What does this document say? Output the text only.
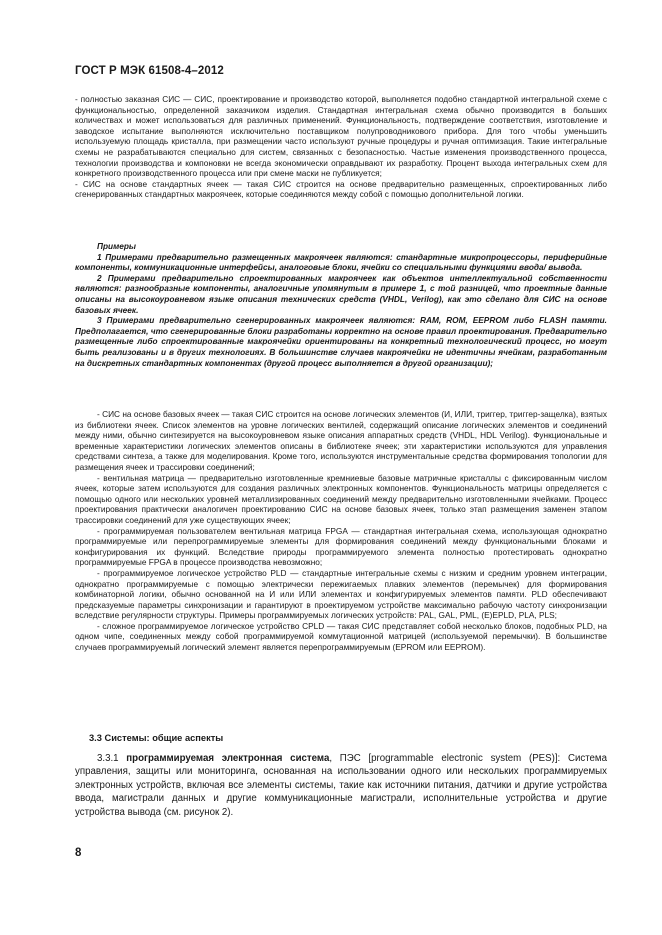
ГОСТ Р МЭК 61508-4–2012

- полностью заказная СИС — СИС, проектирование и производство которой, выполняется подобно стандартной интегральной схеме с функциональностью, определенной заказчиком изделия. Стандартная интегральная схема обычно производится в больших количествах и может использоваться для различных применений. Функциональность, подтверждение соответствия, изготовление и заводское испытание выполняются исключительно поставщиком полупроводникового прибора. Для того чтобы уменьшить используемую площадь кристалла, при размещении часто используют ручные процедуры и ручная оптимизация. Такие интегральные схемы не разрабатываются специально для систем, связанных с безопасностью. Частые изменения производственного процесса, технологии производства и компоновки не всегда экономически оправдывают их разработку. Процент выхода интегральных схем для конкретного производственного процесса или при смене маски не публикуется;

- СИС на основе стандартных ячеек — такая СИС строится на основе предварительно размещенных, спроектированных либо сгенерированных стандартных макроячеек, которые соединяются между собой с помощью дополнительной логики.

Примеры

1 Примерами предварительно размещенных макроячеек являются: стандартные микропроцессоры, периферийные компоненты, коммуникационные интерфейсы, аналоговые блоки, ячейки со специальными функциями ввода/ вывода.

2 Примерами предварительно спроектированных макроячеек как объектов интеллектуальной собственности являются: разнообразные компоненты, аналогичные упомянутым в примере 1, с той разницей, что проектные данные описаны на высокоуровневом языке описания технических средств (VHDL, Verilog), как это сделано для СИС на основе базовых ячеек.

3 Примерами предварительно сгенерированных макроячеек являются: RAM, ROM, EEPROM либо FLASH памяти. Предполагается, что сгенерированные блоки разработаны корректно на основе правил проектирования. Предварительно размещенные либо спроектированные макроячейки ориентированы на конкретный технологический процесс, но могут быть реализованы и в других технологиях. В большинстве случаев макроячейки не идентичны ячейкам, разработанным на дискретных стандартных компонентах (другой процесс выполняется в другой организации);

- СИС на основе базовых ячеек — такая СИС строится на основе логических элементов (И, ИЛИ, триггер, триггер-защелка), взятых из библиотеки ячеек. Список элементов на уровне логических вентилей, содержащий описание логических элементов и соединений между ними, обычно синтезируется на высокоуровневом языке описания аппаратных средств (VHDL, HDL Verilog). Функциональные и временные характеристики логических элементов описаны в библиотеке ячеек; эти характеристики используются для управления средствами синтеза, а также для моделирования. Кроме того, используются инструментальные средства формирования топологии для размещения ячеек и трассировки соединений;

- вентильная матрица — предварительно изготовленные кремниевые базовые матричные кристаллы с фиксированным числом ячеек, которые затем используются для создания различных электронных компонентов. Функциональность матрицы определяется с помощью одного или нескольких уровней металлизированных соединений между предварительно изготовленными ячейками. Процесс проектирования практически аналогичен проектированию СИС на основе базовых ячеек, только этап размещения заменен этапом трассировки соединений для уже существующих ячеек;

- программируемая пользователем вентильная матрица FPGA — стандартная интегральная схема, использующая однократно программируемые или перепрограммируемые элементы для формирования соединений между функциональными блоками и конфигурирования их функций. Вследствие природы программируемого элемента полностью протестировать однократно программируемые FPGA в процессе производства невозможно;

- программируемое логическое устройство PLD — стандартные интегральные схемы с низким и средним уровнем интеграции, однократно программируемые с помощью электрически пережигаемых плавких элементов (перемычек) для формирования комбинаторной логики, обычно основанной на И или ИЛИ элементах и конфигурируемых элементов памяти. PLD обеспечивают предсказуемые параметры синхронизации и гарантируют в проектируемом устройстве максимально рабочую частоту синхронизации вследствие регулярности структуры. Примеры программируемых логических устройств: PAL, GAL, PML, (E)EPLD, PLA, PLS;

- сложное программируемое логическое устройство CPLD — такая СИС представляет собой несколько блоков, подобных PLD, на одном чипе, соединенных между собой программируемой коммутационной матрицей (используемой перемычки). В большинстве случаев программируемый логический элемент является перепрограммируемым (EPROM или EEPROM).

3.3 Системы: общие аспекты

3.3.1 программируемая электронная система, ПЭС [programmable electronic system (PES)]: Система управления, защиты или мониторинга, основанная на использовании одного или нескольких программируемых электронных устройств, включая все элементы системы, такие как источники питания, датчики и другие устройства ввода, магистрали данных и другие коммуникационные магистрали, исполнительные устройства и другие устройства вывода (см. рисунок 2).

8
